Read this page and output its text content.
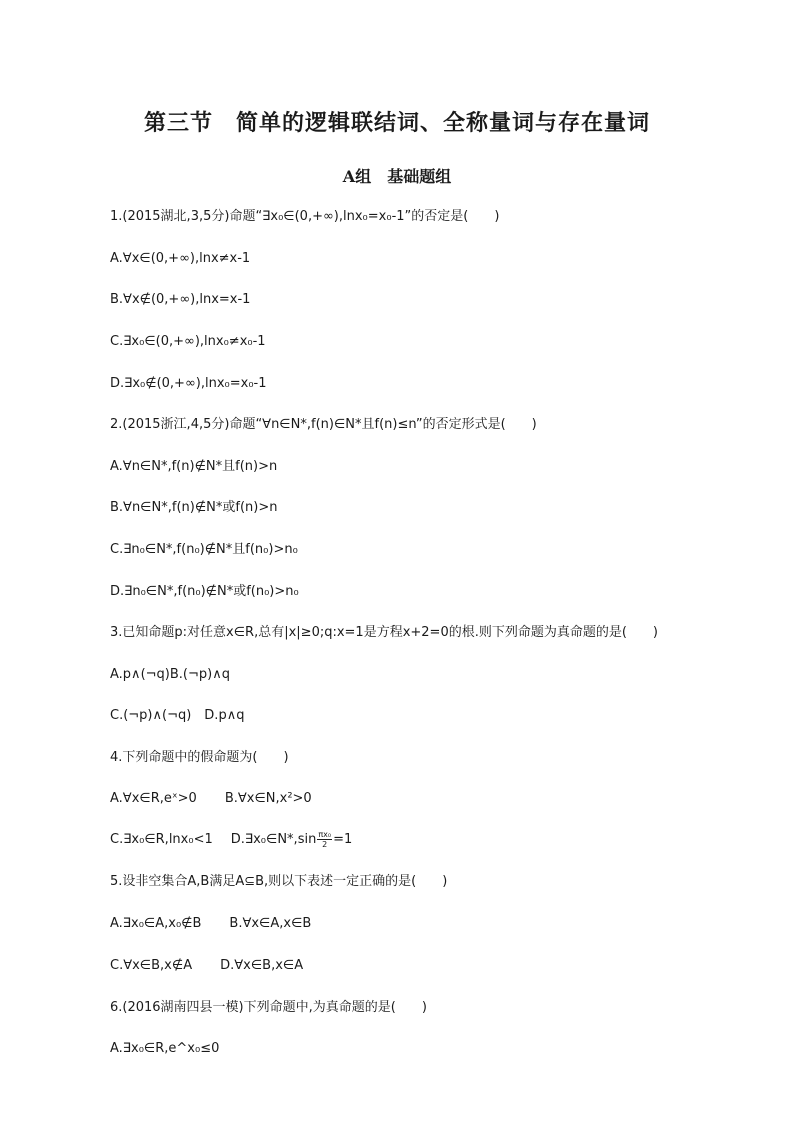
第三节　简单的逻辑联结词、全称量词与存在量词
A组　基础题组
1.(2015湖北,3,5分)命题“∃x₀∈(0,+∞),lnx₀=x₀-1”的否定是(　　)
A.∀x∈(0,+∞),lnx≠x-1
B.∀x∉(0,+∞),lnx=x-1
C.∃x₀∈(0,+∞),lnx₀≠x₀-1
D.∃x₀∉(0,+∞),lnx₀=x₀-1
2.(2015浙江,4,5分)命题“∀n∈N*,f(n)∈N*且f(n)≤n”的否定形式是(　　)
A.∀n∈N*,f(n)∉N*且f(n)>n
B.∀n∈N*,f(n)∉N*或f(n)>n
C.∃n₀∈N*,f(n₀)∉N*且f(n₀)>n₀
D.∃n₀∈N*,f(n₀)∉N*或f(n₀)>n₀
3.已知命题p:对任意x∈R,总有|x|≥0;q:x=1是方程x+2=0的根.则下列命题为真命题的是(　　)
A.p∧(¬q)B.(¬p)∧q
C.(¬p)∧(¬q)　D.p∧q
4.下列命题中的假命题为(　　)
A.∀x∈R,eˣ>0 B.∀x∈N,x²>0
C.∃x₀∈R,lnx₀<1 D.∃x₀∈N*,sin $\frac{\text{πx₀}}{2} =1$
5.设非空集合A,B满足A⊆B,则以下表述一定正确的是(　　)
A.∃x₀∈A,x₀∉B B.∀x∈A,x∈B
C.∀x∈B,x∉A D.∀x∈B,x∈A
6.(2016湖南四县一模)下列命题中,为真命题的是(　　)
A.∃x₀∈R,e^x₀≤0
